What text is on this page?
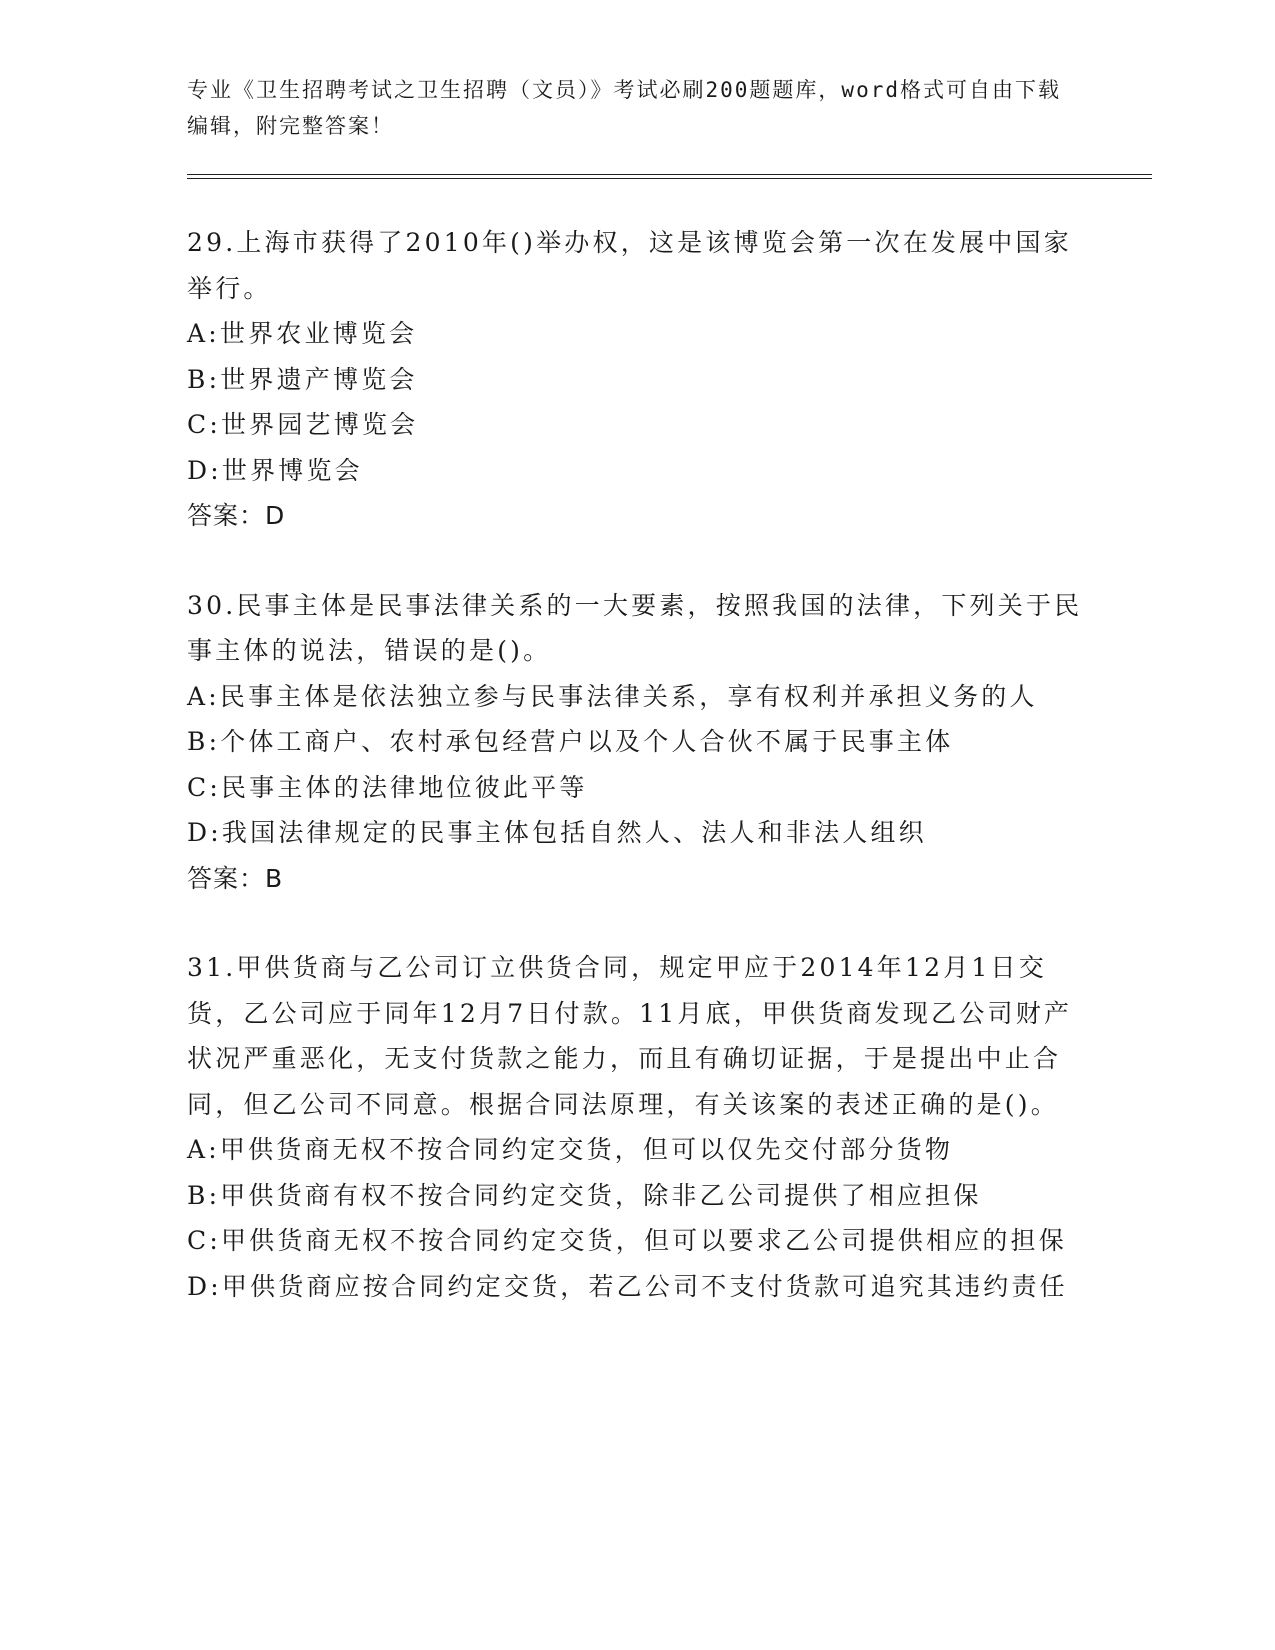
专业《卫生招聘考试之卫生招聘（文员）》考试必刷200题题库，word格式可自由下载编辑，附完整答案！
29.上海市获得了2010年()举办权，这是该博览会第一次在发展中国家举行。
A:世界农业博览会
B:世界遗产博览会
C:世界园艺博览会
D:世界博览会
答案：D
30.民事主体是民事法律关系的一大要素，按照我国的法律，下列关于民事主体的说法，错误的是()。
A:民事主体是依法独立参与民事法律关系，享有权利并承担义务的人
B:个体工商户、农村承包经营户以及个人合伙不属于民事主体
C:民事主体的法律地位彼此平等
D:我国法律规定的民事主体包括自然人、法人和非法人组织
答案：B
31.甲供货商与乙公司订立供货合同，规定甲应于2014年12月1日交货，乙公司应于同年12月7日付款。11月底，甲供货商发现乙公司财产状况严重恶化，无支付货款之能力，而且有确切证据，于是提出中止合同，但乙公司不同意。根据合同法原理，有关该案的表述正确的是()。
A:甲供货商无权不按合同约定交货，但可以仅先交付部分货物
B:甲供货商有权不按合同约定交货，除非乙公司提供了相应担保
C:甲供货商无权不按合同约定交货，但可以要求乙公司提供相应的担保
D:甲供货商应按合同约定交货，若乙公司不支付货款可追究其违约责任
